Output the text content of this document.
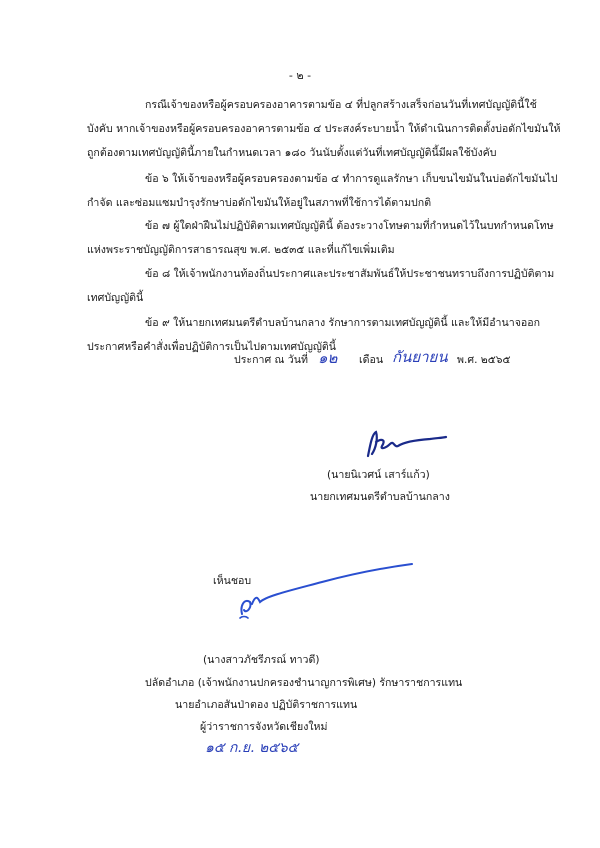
- ๒ -
กรณีเจ้าของหรือผู้ครอบครองอาคารตามข้อ ๔ ที่ปลูกสร้างเสร็จก่อนวันที่เทศบัญญัตินี้ใช้
บังคับ หากเจ้าของหรือผู้ครอบครองอาคารตามข้อ ๔ ประสงค์ระบายน้ำ ให้ดำเนินการติดตั้งบ่อดักไขมันให้
ถูกต้องตามเทศบัญญัตินี้ภายในกำหนดเวลา ๑๘๐ วันนับตั้งแต่วันที่เทศบัญญัตินี้มีผลใช้บังคับ
ข้อ ๖ ให้เจ้าของหรือผู้ครอบครองตามข้อ ๔ ทำการดูแลรักษา เก็บขนไขมันในบ่อดักไขมันไป
กำจัด และซ่อมแซมบำรุงรักษาบ่อดักไขมันให้อยู่ในสภาพที่ใช้การได้ตามปกติ
ข้อ ๗ ผู้ใดฝ่าฝืนไม่ปฏิบัติตามเทศบัญญัตินี้ ต้องระวางโทษตามที่กำหนดไว้ในบทกำหนดโทษ
แห่งพระราชบัญญัติการสาธารณสุข พ.ศ. ๒๕๓๕ และที่แก้ไขเพิ่มเติม
ข้อ ๘ ให้เจ้าพนักงานท้องถิ่นประกาศและประชาสัมพันธ์ให้ประชาชนทราบถึงการปฏิบัติตาม
เทศบัญญัตินี้
ข้อ ๙ ให้นายกเทศมนตรีตำบลบ้านกลาง รักษาการตามเทศบัญญัตินี้ และให้มีอำนาจออก
ประกาศหรือคำสั่งเพื่อปฏิบัติการเป็นไปตามเทศบัญญัตินี้
ประกาศ ณ วันที่ ๑๒ เดือน กันยายน พ.ศ. ๒๕๖๕
(นายนิเวศน์ เสาร์แก้ว)
นายกเทศมนตรีตำบลบ้านกลาง
เห็นชอบ
(นางสาวภัชรีภรณ์ ทาวดี)
ปลัดอำเภอ (เจ้าพนักงานปกครองชำนาญการพิเศษ) รักษาราชการแทน
นายอำเภอสันป่าตอง ปฏิบัติราชการแทน
ผู้ว่าราชการจังหวัดเชียงใหม่
๑๕ ก.ย. ๒๕๖๕
